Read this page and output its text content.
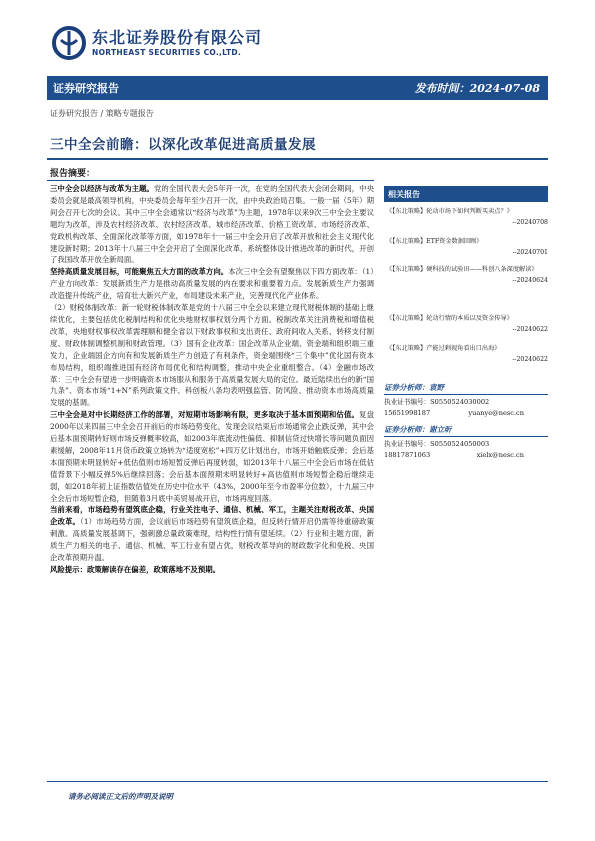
东北证券股份有限公司
NORTHEAST SECURITIES CO.,LTD.
证券研究报告	发布时间：2024-07-08
证券研究报告 / 策略专题报告
三中全会前瞻：以深化改革促进高质量发展
报告摘要：

三中全会以经济与改革为主题。党的全国代表大会5年开一次，在党的全国代表大会闭会期间，中央委员会就是最高领导机构，中央委员会每年至少召开一次，由中央政治局召集。一般一届（5年）期间会召开七次的会议。其中三中全会通常以“经济与改革”为主题，1978年以来9次三中全会主要议题均为改革，涉及农村经济改革、农村经济改革、城市经济改革、价格工资改革、市场经济改革、党政机构改革、全面深化改革等方面，如1978年十一届三中全会开启了改革开放和社会主义现代化建设新时期；2013年十八届三中全会开启了全面深化改革、系统整体设计推进改革的新时代，开创了我国改革开放全新局面。

坚持高质量发展目标，可能聚焦五大方面的改革方向。本次三中全会有望聚焦以下四方面改革：（1）产业方向改革：发展新质生产力是推动高质量发展的内在要求和重要着力点。发展新质生产力强调改造提升传统产业，培育壮大新兴产业，布局建设未来产业，完善现代化产业体系。

（2）财税体制改革：新一轮财税体制改革是党的十八届三中全会以来建立现代财税体制的基础上继续优化，主要包括优化税制结构和优化央地财权事权划分两个方面。税制改革关注消费税和增值税改革，央地财权事权改革需理顺和健全省以下财政事权和支出责任、政府间收入关系、转移支付制度、财政体制调整机制和财政管理。（3）国有企业改革：国企改革从企业端、资金端和组织端三重发力，企业端国企方向有和发展新质生产力创造了有利条件，资金端围绕“三个集中”优化国有资本布局结构，组织端推进国有经济布局优化和结构调整，推动中央企业重组整合。（4）金融市场改革：三中全会有望进一步明确资本市场服从和服务于高质量发展大局的定位。最近陆续出台的新“国九条”、资本市场“1+N”系列政策文件、科创板八条均表明强监管、防风险、推动资本市场高质量发展的基调。

三中全会是对中长期经济工作的部署，对短期市场影响有限，更多取决于基本面预期和估值。复盘2000年以来四届三中全会召开前后的市场趋势变化，发现会议结束后市场通常会止跌反弹，其中会后基本面预期转好则市场反弹概率较高，如2003年底流动性偏低、抑制信贷过快增长等问题负面因素缓解，2008年11月货币政策立场转为“适度宽松”+四万亿计划出台，市场开始触底反弹；会后基本面预期未明显转好+低估值则市场短暂反弹后再度转弱，如2013年十八届三中全会后市场在低估值背景下小幅反弹5%后继续回落；会后基本面预期未明显转好+高估值则市场短暂企稳后继续走弱，如2018年初上证指数估值处在历史中位水平（43%，2000年至今市盈率分位数），十九届三中全会后市场短暂企稳，但随着3月底中美贸易战开启，市场再度回落。

当前来看，市场趋势有望筑底企稳，行业关注电子、通信、机械、军工，主题关注财税改革、央国企改革。（1）市场趋势方面，会议前后市场趋势有望筑底企稳，但反转行情开启仍需等待重磅政策刺激。高质量发展基调下，强刺激总量政策难现，结构性行情有望延续。（2）行业和主题方面，新质生产力相关的电子、通信、机械、军工行业有望占优，财税改革导向的财政数字化和免税、央国企改革预期升温。

风险提示：政策解读存在偏差，政策落地不及预期。

相关报告
《【东北策略】轮动市场下如何判断买卖点？》
--20240708
《【东北策略】ETF资金数据回顾》
--20240701
《【东北策略】硬科技的试验田——科创八条深度解读》
--20240624
《【东北策略】轮动行情的本质以及资金传导》
--20240622
《【东北策略】产能过剩视角看出口出海》
--20240622
证券分析师：袁野
执业证书编号：S0550524030002
15651998187	yuanye@nesc.cn
证券分析师：谢立昕
执业证书编号：S0550524050003
18817871063	xielx@nesc.cn
请务必阅读正文后的声明及说明
